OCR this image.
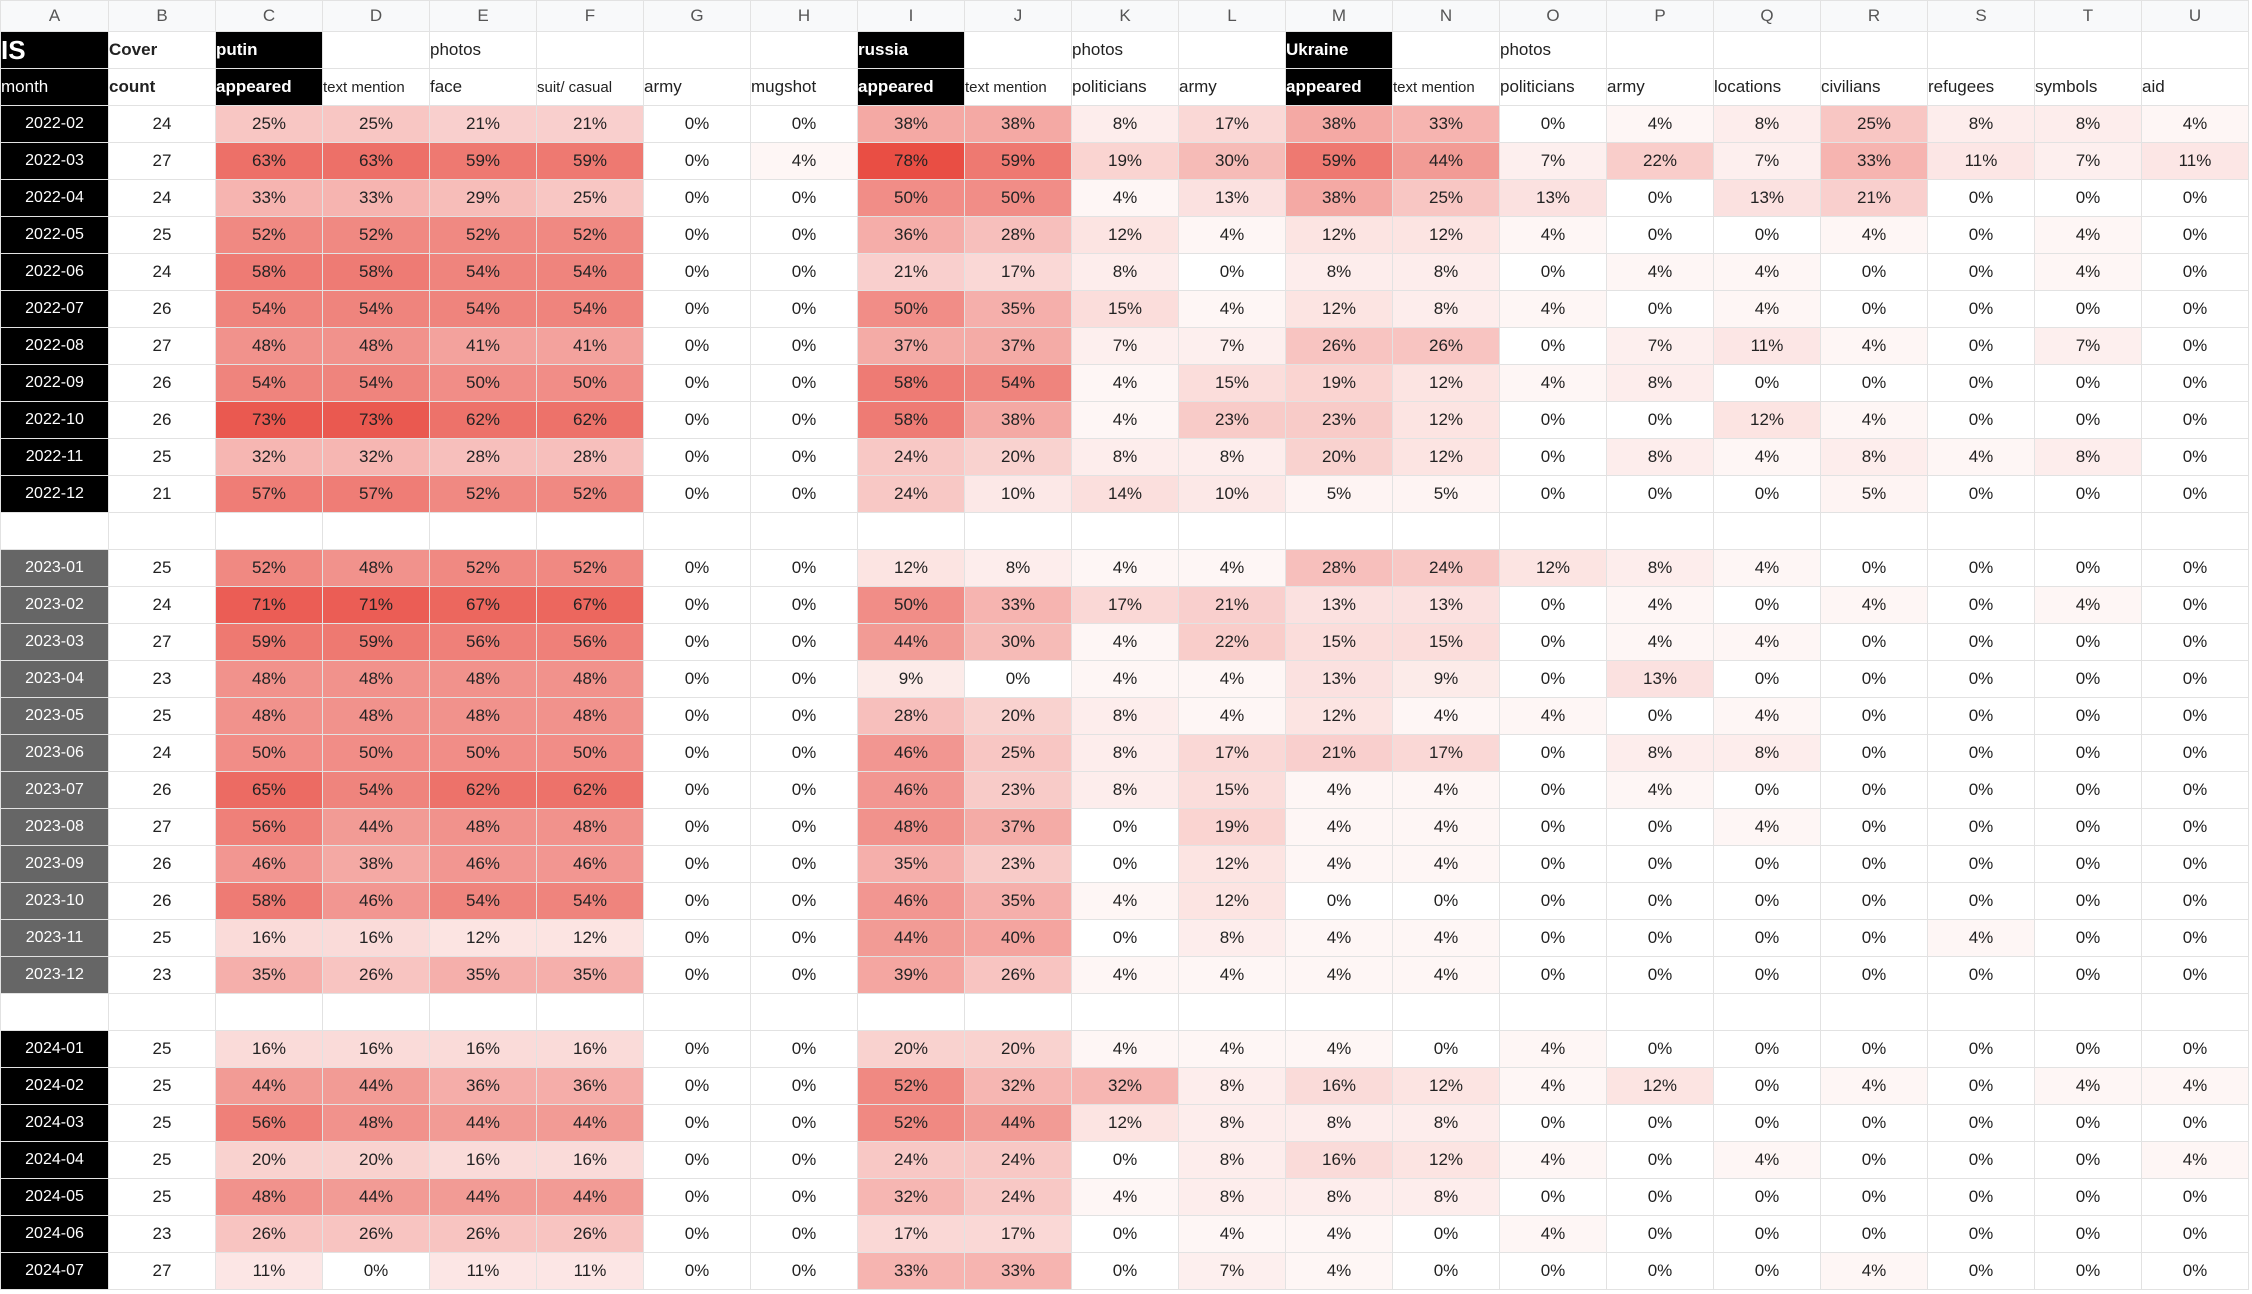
A	B	C	D	E	F	G	H	I	J	K	L	M	N	O	P	Q	R	S	T	U
IS	Cover	putin		photos				russia		photos		Ukraine		photos						
month	count	appeared	text mention	face	suit/ casual	army	mugshot	appeared	text mention	politicians	army	appeared	text mention	politicians	army	locations	civilians	refugees	symbols	aid
2022-02	24	25%	25%	21%	21%	0%	0%	38%	38%	8%	17%	38%	33%	0%	4%	8%	25%	8%	8%	4%
2022-03	27	63%	63%	59%	59%	0%	4%	78%	59%	19%	30%	59%	44%	7%	22%	7%	33%	11%	7%	11%
2022-04	24	33%	33%	29%	25%	0%	0%	50%	50%	4%	13%	38%	25%	13%	0%	13%	21%	0%	0%	0%
2022-05	25	52%	52%	52%	52%	0%	0%	36%	28%	12%	4%	12%	12%	4%	0%	0%	4%	0%	4%	0%
2022-06	24	58%	58%	54%	54%	0%	0%	21%	17%	8%	0%	8%	8%	0%	4%	4%	0%	0%	4%	0%
2022-07	26	54%	54%	54%	54%	0%	0%	50%	35%	15%	4%	12%	8%	4%	0%	4%	0%	0%	0%	0%
2022-08	27	48%	48%	41%	41%	0%	0%	37%	37%	7%	7%	26%	26%	0%	7%	11%	4%	0%	7%	0%
2022-09	26	54%	54%	50%	50%	0%	0%	58%	54%	4%	15%	19%	12%	4%	8%	0%	0%	0%	0%	0%
2022-10	26	73%	73%	62%	62%	0%	0%	58%	38%	4%	23%	23%	12%	0%	0%	12%	4%	0%	0%	0%
2022-11	25	32%	32%	28%	28%	0%	0%	24%	20%	8%	8%	20%	12%	0%	8%	4%	8%	4%	8%	0%
2022-12	21	57%	57%	52%	52%	0%	0%	24%	10%	14%	10%	5%	5%	0%	0%	0%	5%	0%	0%	0%

2023-01	25	52%	48%	52%	52%	0%	0%	12%	8%	4%	4%	28%	24%	12%	8%	4%	0%	0%	0%	0%
2023-02	24	71%	71%	67%	67%	0%	0%	50%	33%	17%	21%	13%	13%	0%	4%	0%	4%	0%	4%	0%
2023-03	27	59%	59%	56%	56%	0%	0%	44%	30%	4%	22%	15%	15%	0%	4%	4%	0%	0%	0%	0%
2023-04	23	48%	48%	48%	48%	0%	0%	9%	0%	4%	4%	13%	9%	0%	13%	0%	0%	0%	0%	0%
2023-05	25	48%	48%	48%	48%	0%	0%	28%	20%	8%	4%	12%	4%	4%	0%	4%	0%	0%	0%	0%
2023-06	24	50%	50%	50%	50%	0%	0%	46%	25%	8%	17%	21%	17%	0%	8%	8%	0%	0%	0%	0%
2023-07	26	65%	54%	62%	62%	0%	0%	46%	23%	8%	15%	4%	4%	0%	4%	0%	0%	0%	0%	0%
2023-08	27	56%	44%	48%	48%	0%	0%	48%	37%	0%	19%	4%	4%	0%	0%	4%	0%	0%	0%	0%
2023-09	26	46%	38%	46%	46%	0%	0%	35%	23%	0%	12%	4%	4%	0%	0%	0%	0%	0%	0%	0%
2023-10	26	58%	46%	54%	54%	0%	0%	46%	35%	4%	12%	0%	0%	0%	0%	0%	0%	0%	0%	0%
2023-11	25	16%	16%	12%	12%	0%	0%	44%	40%	0%	8%	4%	4%	0%	0%	0%	0%	4%	0%	0%
2023-12	23	35%	26%	35%	35%	0%	0%	39%	26%	4%	4%	4%	4%	0%	0%	0%	0%	0%	0%	0%

2024-01	25	16%	16%	16%	16%	0%	0%	20%	20%	4%	4%	4%	0%	4%	0%	0%	0%	0%	0%	0%
2024-02	25	44%	44%	36%	36%	0%	0%	52%	32%	32%	8%	16%	12%	4%	12%	0%	4%	0%	4%	4%
2024-03	25	56%	48%	44%	44%	0%	0%	52%	44%	12%	8%	8%	8%	0%	0%	0%	0%	0%	0%	0%
2024-04	25	20%	20%	16%	16%	0%	0%	24%	24%	0%	8%	16%	12%	4%	0%	4%	0%	0%	0%	4%
2024-05	25	48%	44%	44%	44%	0%	0%	32%	24%	4%	8%	8%	8%	0%	0%	0%	0%	0%	0%	0%
2024-06	23	26%	26%	26%	26%	0%	0%	17%	17%	0%	4%	4%	0%	4%	0%	0%	0%	0%	0%	0%
2024-07	27	11%	0%	11%	11%	0%	0%	33%	33%	0%	7%	4%	0%	0%	0%	0%	4%	0%	0%	0%
